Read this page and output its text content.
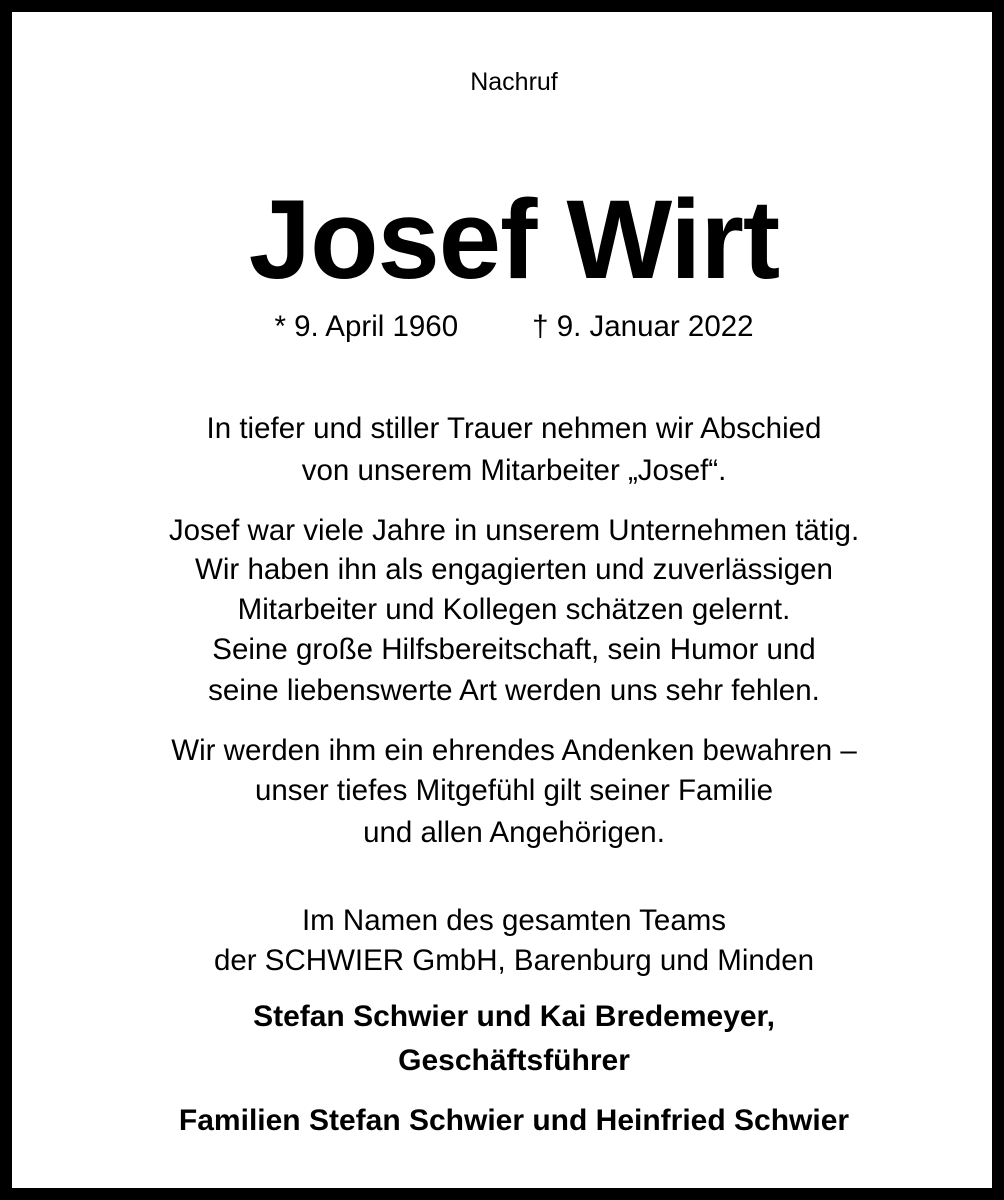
Nachruf
Josef Wirt
* 9. April 1960	† 9. Januar 2022
In tiefer und stiller Trauer nehmen wir Abschied
von unserem Mitarbeiter „Josef“.
Josef war viele Jahre in unserem Unternehmen tätig.
Wir haben ihn als engagierten und zuverlässigen
Mitarbeiter und Kollegen schätzen gelernt.
Seine große Hilfsbereitschaft, sein Humor und
seine liebenswerte Art werden uns sehr fehlen.
Wir werden ihm ein ehrendes Andenken bewahren –
unser tiefes Mitgefühl gilt seiner Familie
und allen Angehörigen.
Im Namen des gesamten Teams
der SCHWIER GmbH, Barenburg und Minden
Stefan Schwier und Kai Bredemeyer,
Geschäftsführer
Familien Stefan Schwier und Heinfried Schwier
